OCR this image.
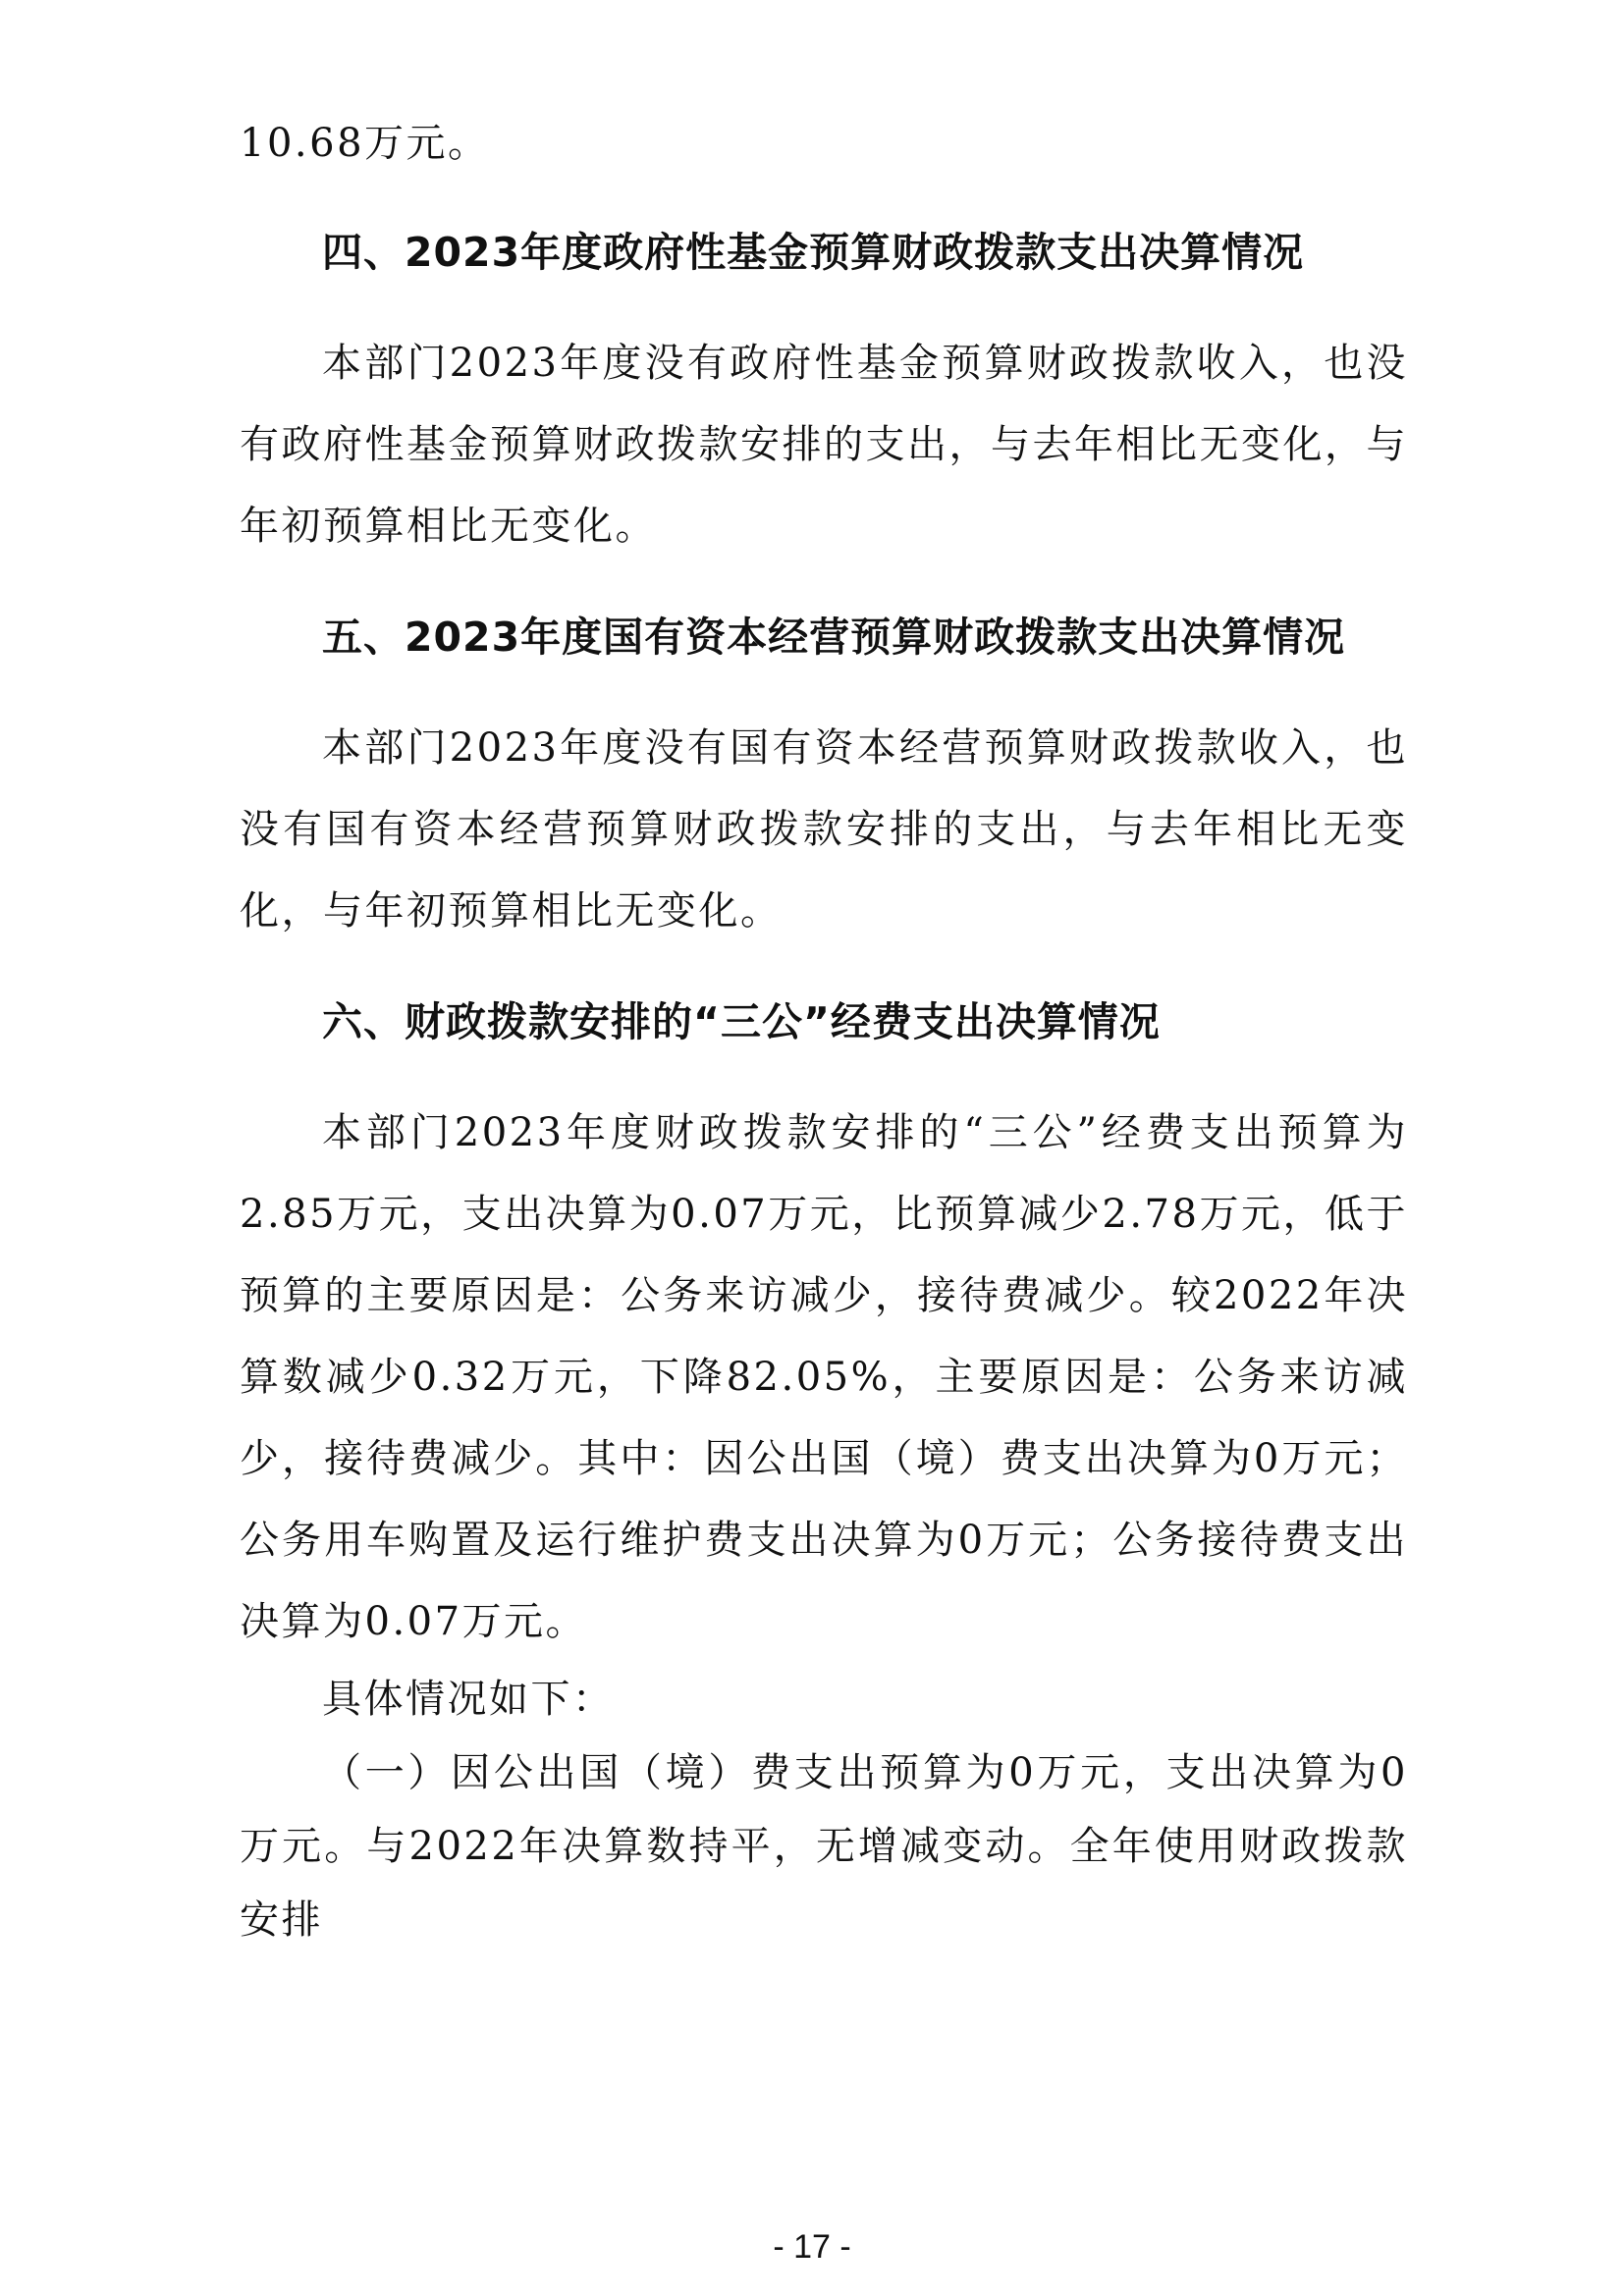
10.68万元。

四、2023年度政府性基金预算财政拨款支出决算情况

本部门2023年度没有政府性基金预算财政拨款收入，也没有政府性基金预算财政拨款安排的支出，与去年相比无变化，与年初预算相比无变化。

五、2023年度国有资本经营预算财政拨款支出决算情况

本部门2023年度没有国有资本经营预算财政拨款收入，也没有国有资本经营预算财政拨款安排的支出，与去年相比无变化，与年初预算相比无变化。

六、财政拨款安排的“三公”经费支出决算情况

本部门2023年度财政拨款安排的“三公”经费支出预算为2.85万元，支出决算为0.07万元，比预算减少2.78万元，低于预算的主要原因是：公务来访减少，接待费减少。较2022年决算数减少0.32万元，下降82.05%，主要原因是：公务来访减少，接待费减少。其中：因公出国（境）费支出决算为0万元；公务用车购置及运行维护费支出决算为0万元；公务接待费支出决算为0.07万元。

具体情况如下：

（一）因公出国（境）费支出预算为0万元，支出决算为0万元。与2022年决算数持平，无增减变动。全年使用财政拨款安排

- 17 -
